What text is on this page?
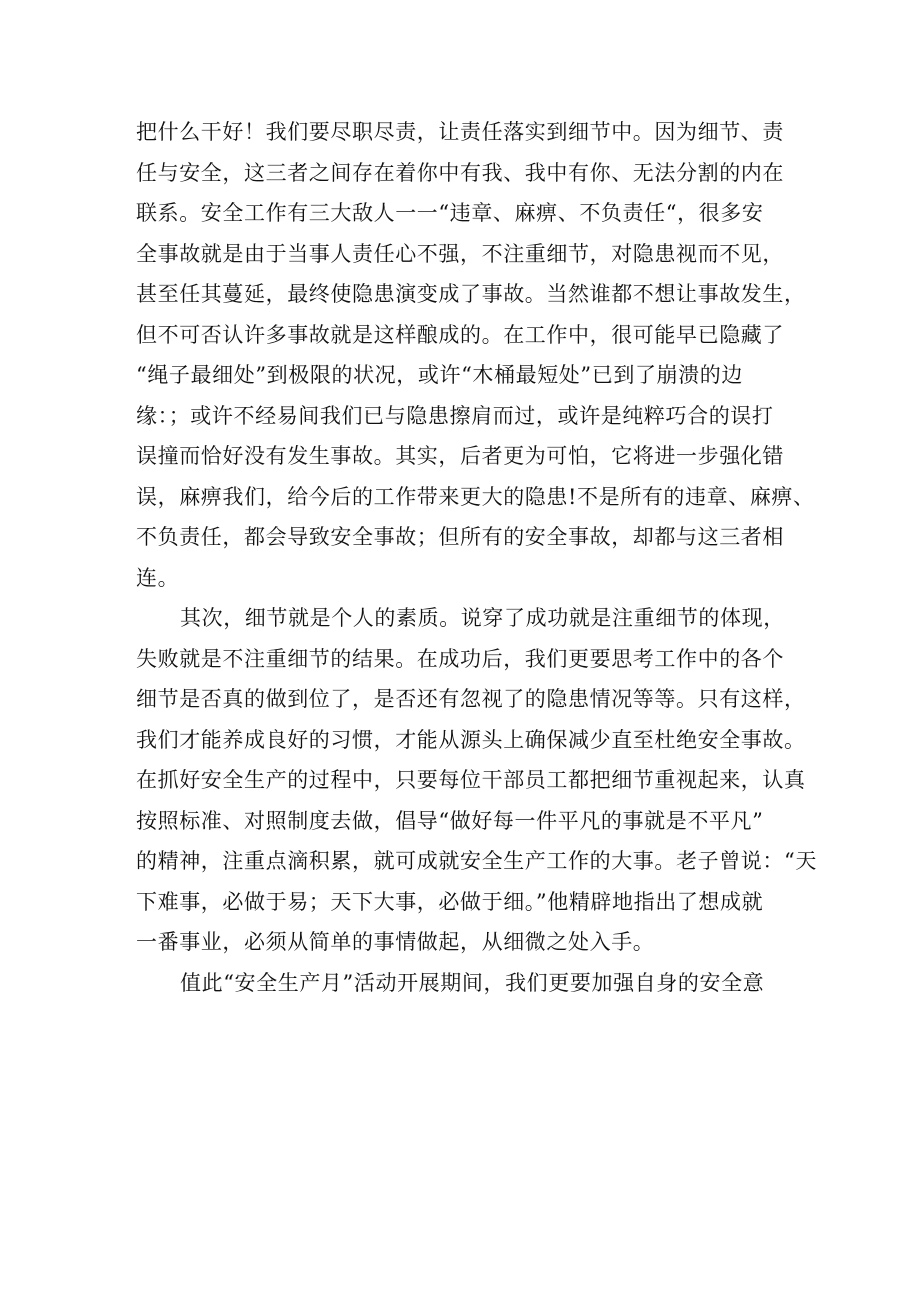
把什么干好！我们要尽职尽责，让责任落实到细节中。因为细节、责
任与安全，这三者之间存在着你中有我、我中有你、无法分割的内在
联系。安全工作有三大敌人一一“违章、麻痹、不负责任“，很多安
全事故就是由于当事人责任心不强，不注重细节，对隐患视而不见，
甚至任其蔓延，最终使隐患演变成了事故。当然谁都不想让事故发生，
但不可否认许多事故就是这样酿成的。在工作中，很可能早已隐藏了
“绳子最细处”到极限的状况，或许“木桶最短处”已到了崩溃的边
缘：；或许不经易间我们已与隐患擦肩而过，或许是纯粹巧合的误打
误撞而恰好没有发生事故。其实，后者更为可怕，它将进一步强化错
误，麻痹我们，给今后的工作带来更大的隐患!不是所有的违章、麻痹、
不负责任，都会导致安全事故；但所有的安全事故，却都与这三者相
连。

其次，细节就是个人的素质。说穿了成功就是注重细节的体现，
失败就是不注重细节的结果。在成功后，我们更要思考工作中的各个
细节是否真的做到位了，是否还有忽视了的隐患情况等等。只有这样，
我们才能养成良好的习惯，才能从源头上确保减少直至杜绝安全事故。
在抓好安全生产的过程中，只要每位干部员工都把细节重视起来，认真
按照标准、对照制度去做，倡导“做好每一件平凡的事就是不平凡”
的精神，注重点滴积累，就可成就安全生产工作的大事。老子曾说：“天
下难事，必做于易；天下大事，必做于细。”他精辟地指出了想成就
一番事业，必须从简单的事情做起，从细微之处入手。

值此“安全生产月”活动开展期间，我们更要加强自身的安全意
